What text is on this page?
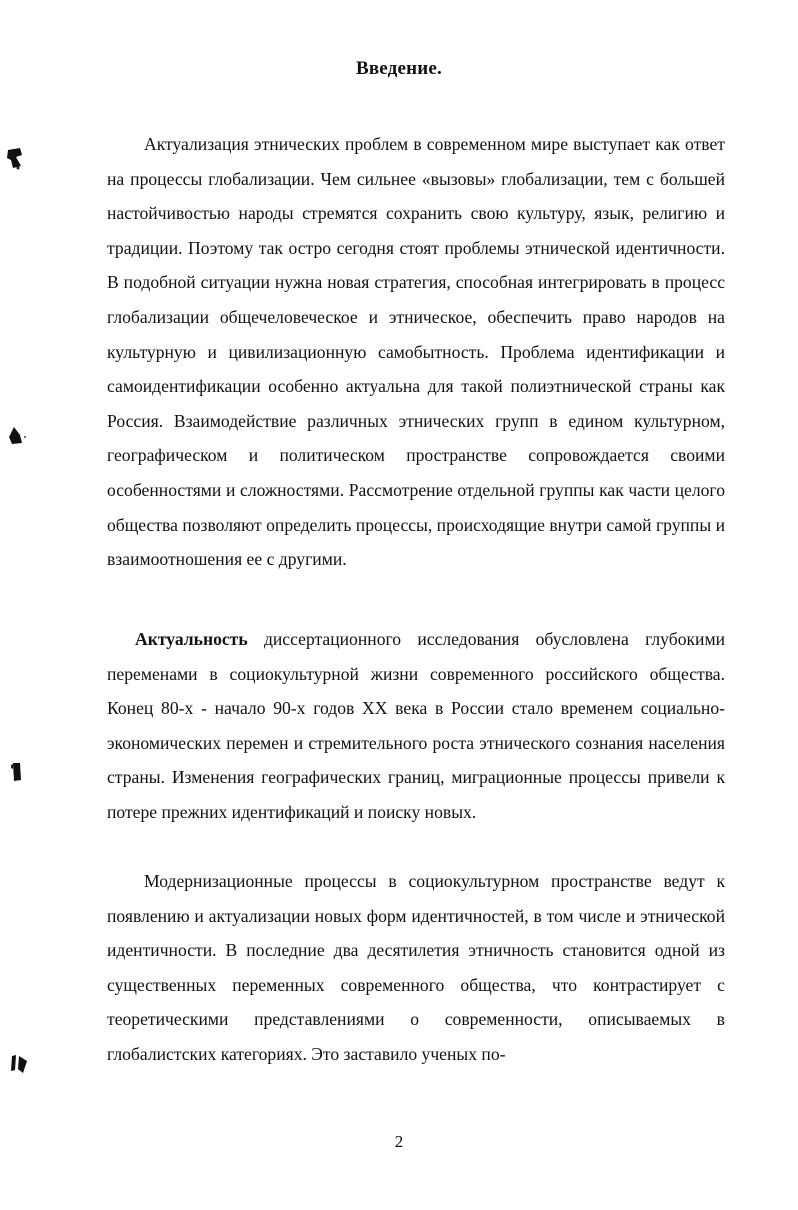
Введение.

Актуализация этнических проблем в современном мире выступает как ответ на процессы глобализации. Чем сильнее «вызовы» глобализации, тем с большей настойчивостью народы стремятся сохранить свою культуру, язык, религию и традиции. Поэтому так остро сегодня стоят проблемы этнической идентичности. В подобной ситуации нужна новая стратегия, способная интегрировать в процесс глобализации общечеловеческое и этническое, обеспечить право народов на культурную и цивилизационную самобытность. Проблема идентификации и самоидентификации особенно актуальна для такой полиэтнической страны как Россия. Взаимодействие различных этнических групп в едином культурном, географическом и политическом пространстве сопровождается своими особенностями и сложностями. Рассмотрение отдельной группы как части целого общества позволяют определить процессы, происходящие внутри самой группы и взаимоотношения ее с другими.

Актуальность диссертационного исследования обусловлена глубокими переменами в социокультурной жизни современного российского общества. Конец 80-х - начало 90-х годов XX века в России стало временем социально-экономических перемен и стремительного роста этнического сознания населения страны. Изменения географических границ, миграционные процессы привели к потере прежних идентификаций и поиску новых.

Модернизационные процессы в социокультурном пространстве ведут к появлению и актуализации новых форм идентичностей, в том числе и этнической идентичности. В последние два десятилетия этничность становится одной из существенных переменных современного общества, что контрастирует с теоретическими представлениями о современности, описываемых в глобалистских категориях. Это заставило ученых по-

2
